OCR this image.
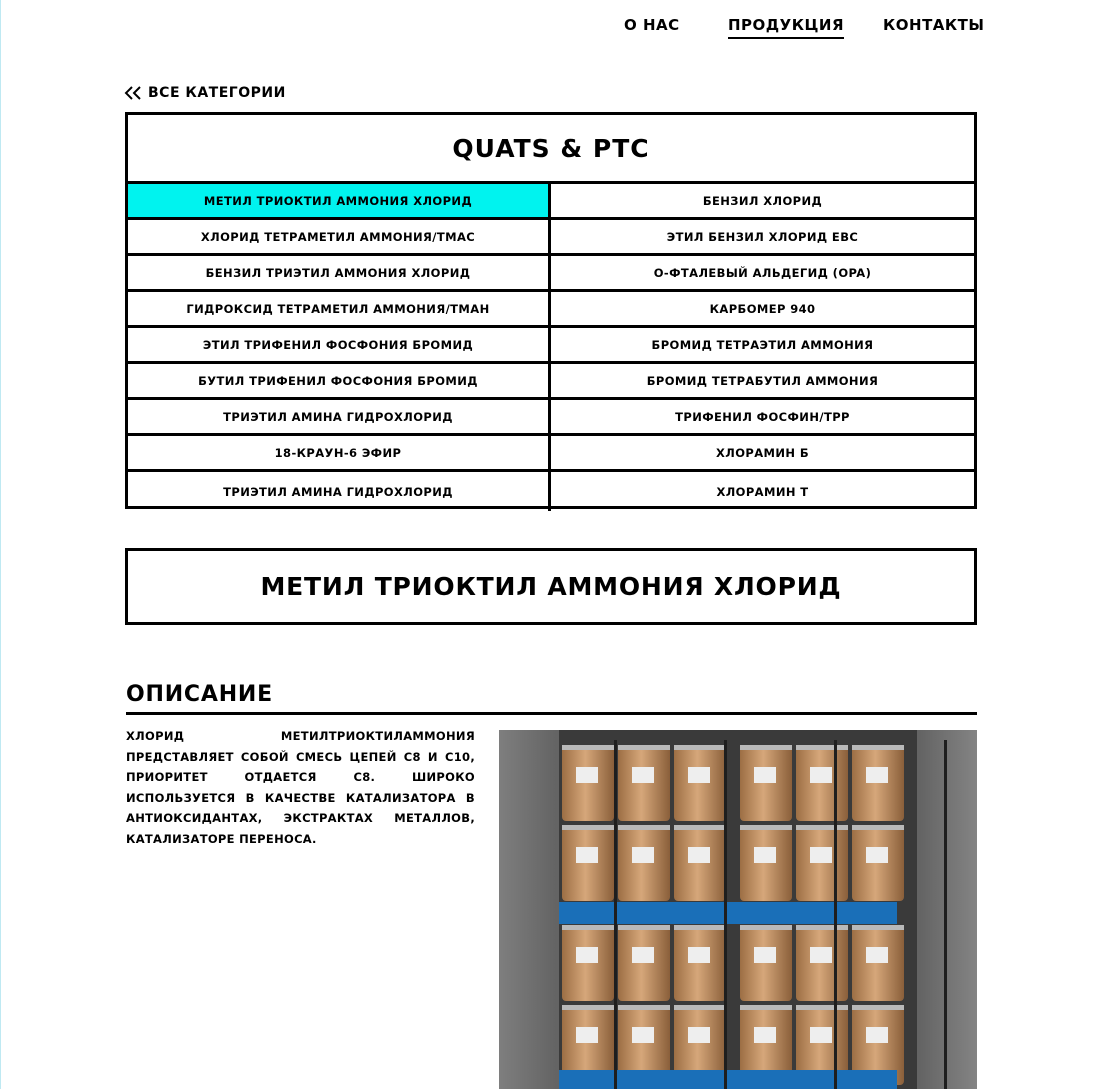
О НАС	ПРОДУКЦИЯ	КОНТАКТЫ
ВСЕ КАТЕГОРИИ
QUATS & PTC
МЕТИЛ ТРИОКТИЛ АММОНИЯ ХЛОРИД	БЕНЗИЛ ХЛОРИД
ХЛОРИД ТЕТРАМЕТИЛ АММОНИЯ/TMAC	ЭТИЛ БЕНЗИЛ ХЛОРИД EBC
БЕНЗИЛ ТРИЭТИЛ АММОНИЯ ХЛОРИД	О-ФТАЛЕВЫЙ АЛЬДЕГИД (OPA)
ГИДРОКСИД ТЕТРАМЕТИЛ АММОНИЯ/TMAH	КАРБОМЕР 940
ЭТИЛ ТРИФЕНИЛ ФОСФОНИЯ БРОМИД	БРОМИД ТЕТРАЭТИЛ АММОНИЯ
БУТИЛ ТРИФЕНИЛ ФОСФОНИЯ БРОМИД	БРОМИД ТЕТРАБУТИЛ АММОНИЯ
ТРИЭТИЛ АМИНА ГИДРОХЛОРИД	ТРИФЕНИЛ ФОСФИН/TPP
18-КРАУН-6 ЭФИР	ХЛОРАМИН Б
ТРИЭТИЛ АМИНА ГИДРОХЛОРИД	ХЛОРАМИН Т
МЕТИЛ ТРИОКТИЛ АММОНИЯ ХЛОРИД
ОПИСАНИЕ
ХЛОРИД МЕТИЛТРИОКТИЛАММОНИЯ ПРЕДСТАВЛЯЕТ СОБОЙ СМЕСЬ ЦЕПЕЙ С8 И С10, ПРИОРИТЕТ ОТДАЕТСЯ С8. ШИРОКО ИСПОЛЬЗУЕТСЯ В КАЧЕСТВЕ КАТАЛИЗАТОРА В АНТИОКСИДАНТАХ, ЭКСТРАКТАХ МЕТАЛЛОВ, КАТАЛИЗАТОРЕ ПЕРЕНОСА.
